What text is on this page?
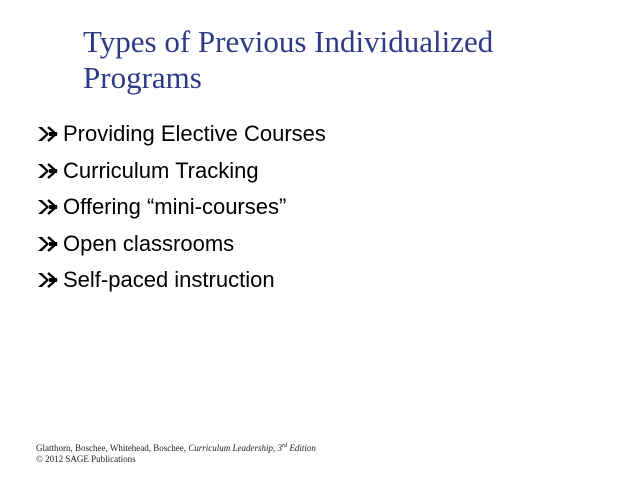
Types of Previous Individualized Programs
Providing Elective Courses
Curriculum Tracking
Offering “mini-courses”
Open classrooms
Self-paced instruction
Glatthorn, Boschee, Whitehead, Boschee, Curriculum Leadership, 3rd Edition
© 2012 SAGE Publications
